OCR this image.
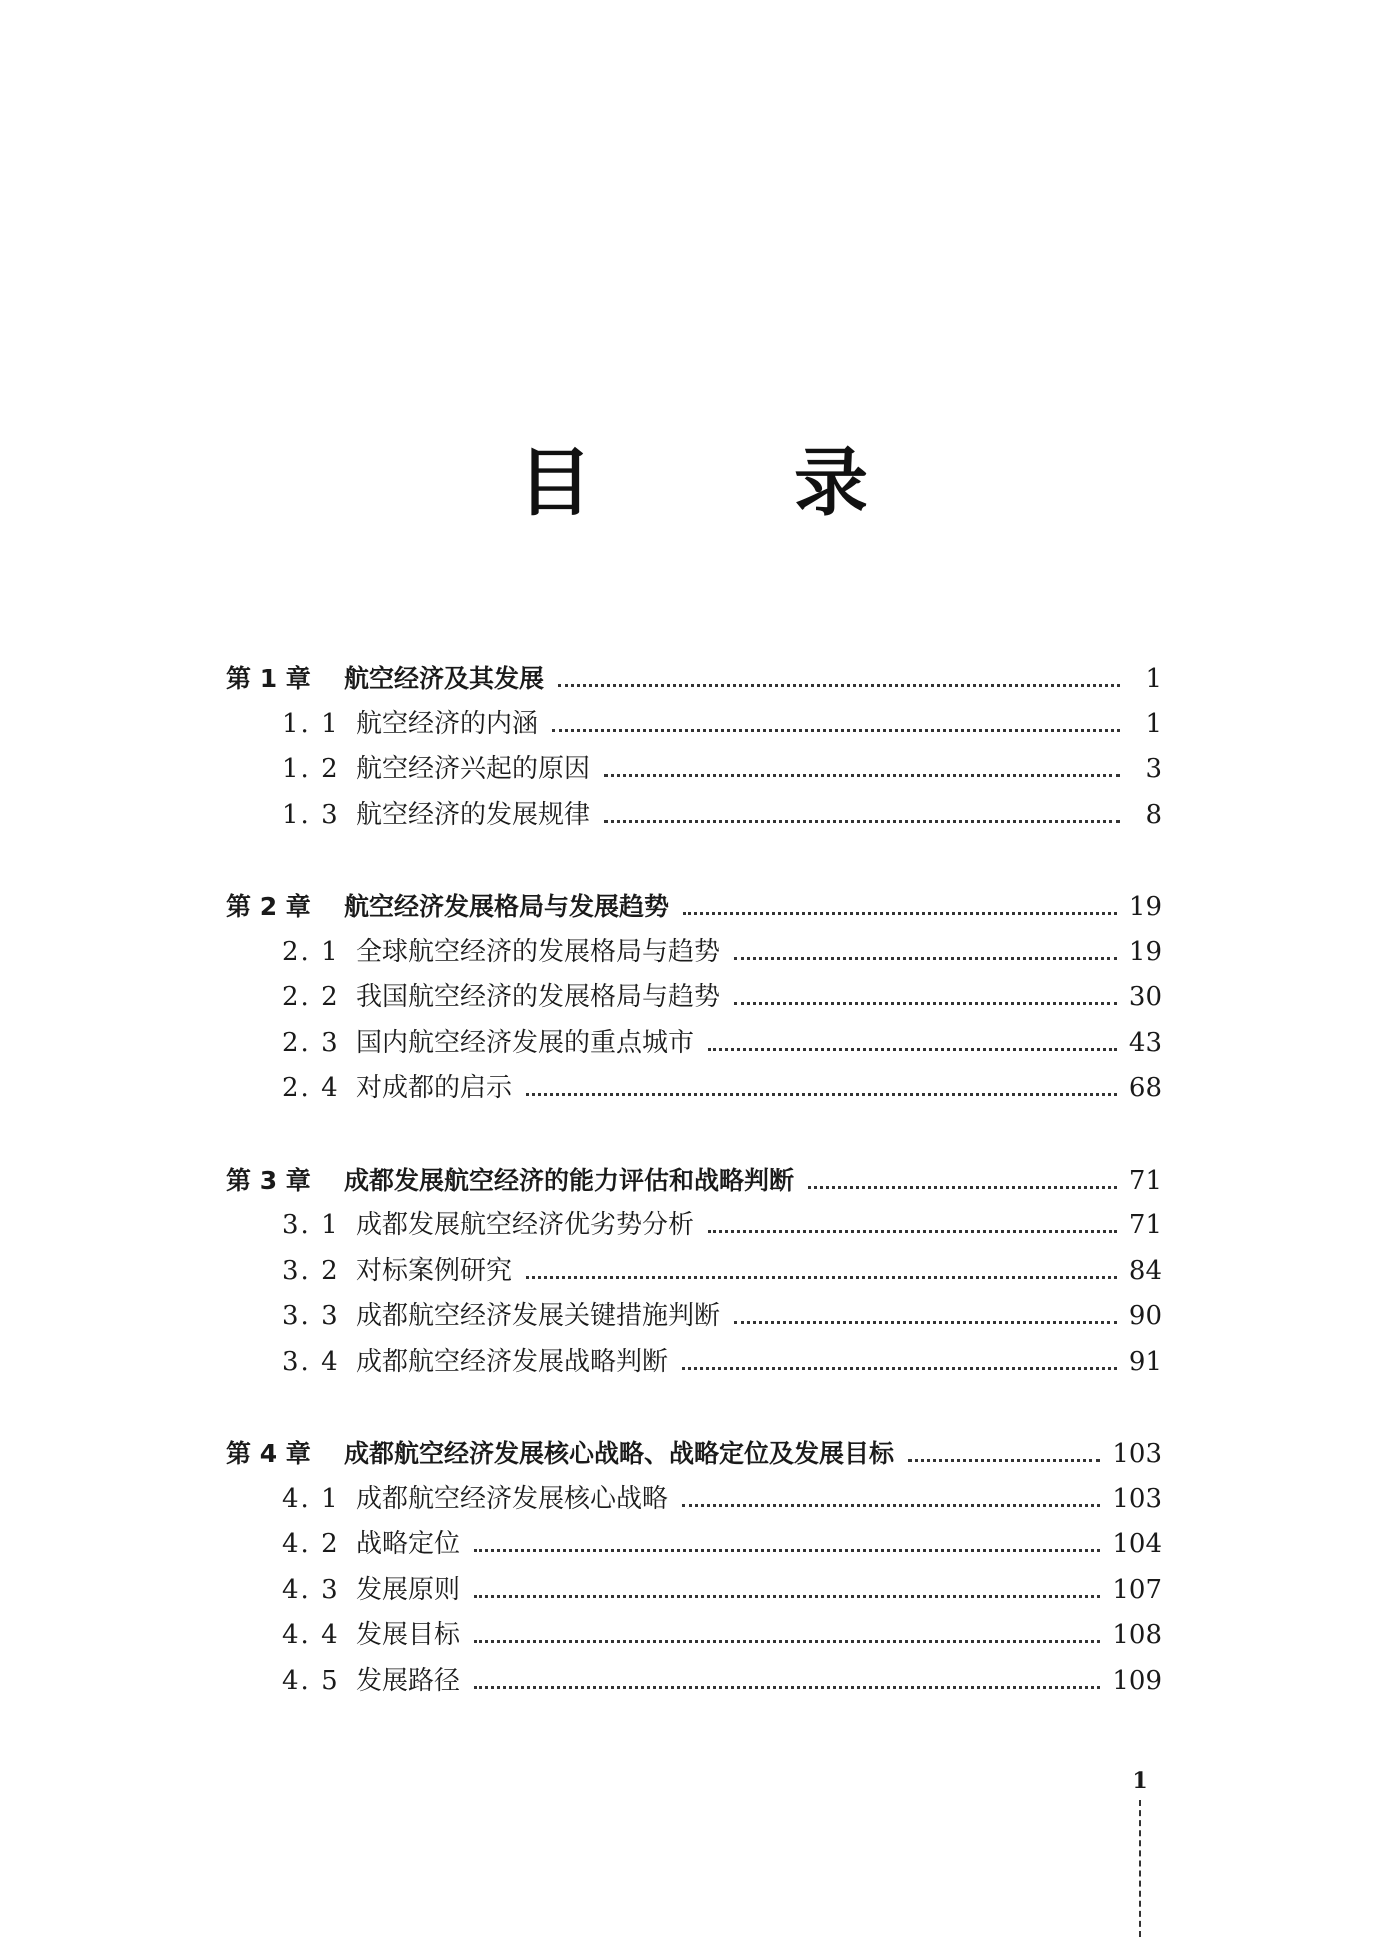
目　录
第 1 章	航空经济及其发展	1
1. 1 航空经济的内涵	1
1. 2 航空经济兴起的原因	3
1. 3 航空经济的发展规律	8
第 2 章	航空经济发展格局与发展趋势	19
2. 1 全球航空经济的发展格局与趋势	19
2. 2 我国航空经济的发展格局与趋势	30
2. 3 国内航空经济发展的重点城市	43
2. 4 对成都的启示	68
第 3 章	成都发展航空经济的能力评估和战略判断	71
3. 1 成都发展航空经济优劣势分析	71
3. 2 对标案例研究	84
3. 3 成都航空经济发展关键措施判断	90
3. 4 成都航空经济发展战略判断	91
第 4 章	成都航空经济发展核心战略、战略定位及发展目标	103
4. 1 成都航空经济发展核心战略	103
4. 2 战略定位	104
4. 3 发展原则	107
4. 4 发展目标	108
4. 5 发展路径	109
1
